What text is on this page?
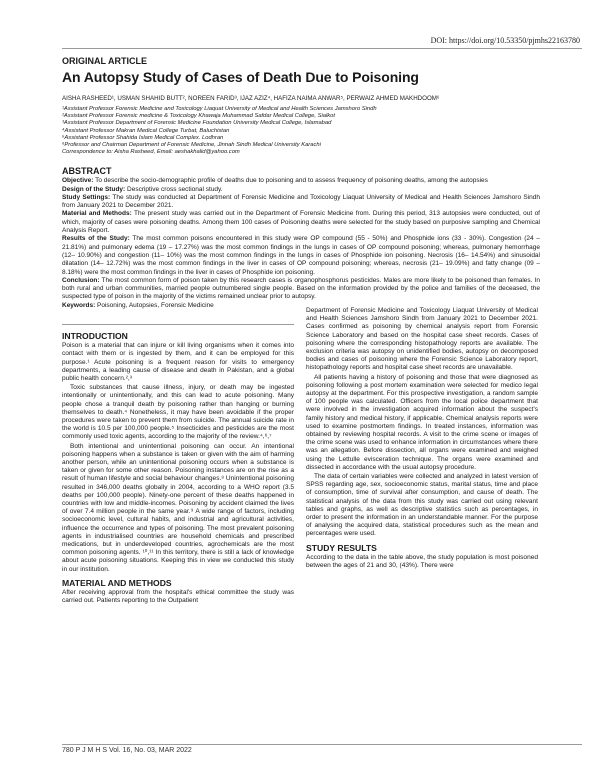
DOI: https://doi.org/10.53350/pjmhs22163780
ORIGINAL ARTICLE
An Autopsy Study of Cases of Death Due to Poisoning
AISHA RASHEED¹, USMAN SHAHID BUTT², NOREEN FARID³, IJAZ AZIZ⁴, HAFIZA NAIMA ANWAR⁵, PERWAIZ AHMED MAKHDOOM⁶
¹Assistant Professor Forensic Medicine and Toxicology Liaquat University of Medical and Health Sciences Jamshoro Sindh
²Assistant Professor Forensic medicine & Toxicology Khawaja Muhammad Safdar Medical College, Sialkot
³Assistant Professor Department of Forensic Medicine Foundation University Medical College, Islamabad
⁴Assistant Professor Makran Medical College Turbat, Baluchistan
⁵Assistant Professor Shahida Islam Medical Complex. Lodhran
⁶Professor and Chairman Department of Forensic Medicine, Jinnah Sindh Medical University Karachi
Correspondence to: Aisha Rasheed, Email: aeshakhalid@yahoo.com
ABSTRACT

Objective: To describe the socio-demographic profile of deaths due to poisoning and to assess frequency of poisoning deaths, among the autopsies

Design of the Study: Descriptive cross sectional study.

Study Settings: The study was conducted at Department of Forensic Medicine and Toxicology Liaquat University of Medical and Health Sciences Jamshoro Sindh from January 2021 to December 2021.

Material and Methods: The present study was carried out in the Department of Forensic Medicine from. During this period, 313 autopsies were conducted, out of which, majority of cases were poisoning deaths. Among them 100 cases of Poisoning deaths were selected for the study based on purposive sampling and Chemical Analysis Report.

Results of the Study: The most common poisons encountered in this study were OP compound (55 - 50%) and Phosphide ions (33 - 30%). Congestion (24 – 21.81%) and pulmonary edema (19 – 17.27%) was the most common findings in the lungs in cases of OP compound poisoning; whereas, pulmonary hemorrhage (12– 10.90%) and congestion (11– 10%) was the most common findings in the lungs in cases of Phosphide ion poisoning. Necrosis (16– 14.54%) and sinusoidal dilatation (14– 12.72%) was the most common findings in the liver in cases of OP compound poisoning; whereas, necrosis (21– 19.09%) and fatty change (09 – 8.18%) were the most common findings in the liver in cases of Phosphide ion poisoning.

Conclusion: The most common form of poison taken by this research cases is organophosphorus pesticides. Males are more likely to be poisoned than females. In both rural and urban communities, married people outnumbered single people. Based on the information provided by the police and families of the deceased, the suspected type of poison in the majority of the victims remained unclear prior to autopsy.

Keywords: Poisoning, Autopsies, Forensic Medicine

INTRODUCTION

Poison is a material that can injure or kill living organisms when it comes into contact with them or is ingested by them, and it can be employed for this purpose.¹ Acute poisoning is a frequent reason for visits to emergency departments, a leading cause of disease and death in Pakistan, and a global public health concern.²,³

Toxic substances that cause illness, injury, or death may be ingested intentionally or unintentionally, and this can lead to acute poisoning. Many people chose a tranquil death by poisoning rather than hanging or burning themselves to death.⁴ Nonetheless, it may have been avoidable if the proper procedures were taken to prevent them from suicide. The annual suicide rate in the world is 10.5 per 100,000 people.⁵ Insecticides and pesticides are the most commonly used toxic agents, according to the majority of the review.⁴,⁶,⁷

Both intentional and unintentional poisoning can occur. An intentional poisoning happens when a substance is taken or given with the aim of harming another person, while an unintentional poisoning occurs when a substance is taken or given for some other reason. Poisoning instances are on the rise as a result of human lifestyle and social behaviour changes.⁸ Unintentional poisoning resulted in 346,000 deaths globally in 2004, according to a WHO report (3.5 deaths per 100,000 people). Ninety-one percent of these deaths happened in countries with low and middle-incomes. Poisoning by accident claimed the lives of over 7.4 million people in the same year.⁹ A wide range of factors, including socioeconomic level, cultural habits, and industrial and agricultural activities, influence the occurrence and types of poisoning. The most prevalent poisoning agents in industrialised countries are household chemicals and prescribed medications, but in underdeveloped countries, agrochemicals are the most common poisoning agents. ¹⁰,¹¹ In this territory, there is still a lack of knowledge about acute poisoning situations. Keeping this in view we conducted this study in our institution.

MATERIAL AND METHODS

After receiving approval from the hospital's ethical committee the study was carried out. Patients reporting to the Outpatient

Department of Forensic Medicine and Toxicology Liaquat University of Medical and Health Sciences Jamshoro Sindh from January 2021 to December 2021. Cases confirmed as poisoning by chemical analysis report from Forensic Science Laboratory and based on the hospital case sheet records. Cases of poisoning where the corresponding histopathology reports are available. The exclusion criteria was autopsy on unidentified bodies, autopsy on decomposed bodies and cases of poisoning where the Forensic Science Laboratory report, histopathology reports and hospital case sheet records are unavailable.

All patients having a history of poisoning and those that were diagnosed as poisoning following a post mortem examination were selected for medico legal autopsy at the department. For this prospective investigation, a random sample of 100 people was calculated. Officers from the local police department that were involved in the investigation acquired information about the suspect's family history and medical history, if applicable. Chemical analysis reports were used to examine postmortem findings. In treated instances, information was obtained by reviewing hospital records. A visit to the crime scene or images of the crime scene was used to enhance information in circumstances where there was an allegation. Before dissection, all organs were examined and weighed using the Lettulle evisceration technique. The organs were examined and dissected in accordance with the usual autopsy procedure.

The data of certain variables were collected and analyzed in latest version of SPSS regarding age, sex, socioeconomic status, marital status, time and place of consumption, time of survival after consumption, and cause of death. The statistical analysis of the data from this study was carried out using relevant tables and graphs, as well as descriptive statistics such as percentages, in order to present the information in an understandable manner. For the purpose of analysing the acquired data, statistical procedures such as the mean and percentages were used.

STUDY RESULTS

According to the data in the table above, the study population is most poisoned between the ages of 21 and 30, (43%). There were

780 P J M H S Vol. 16, No. 03, MAR 2022
